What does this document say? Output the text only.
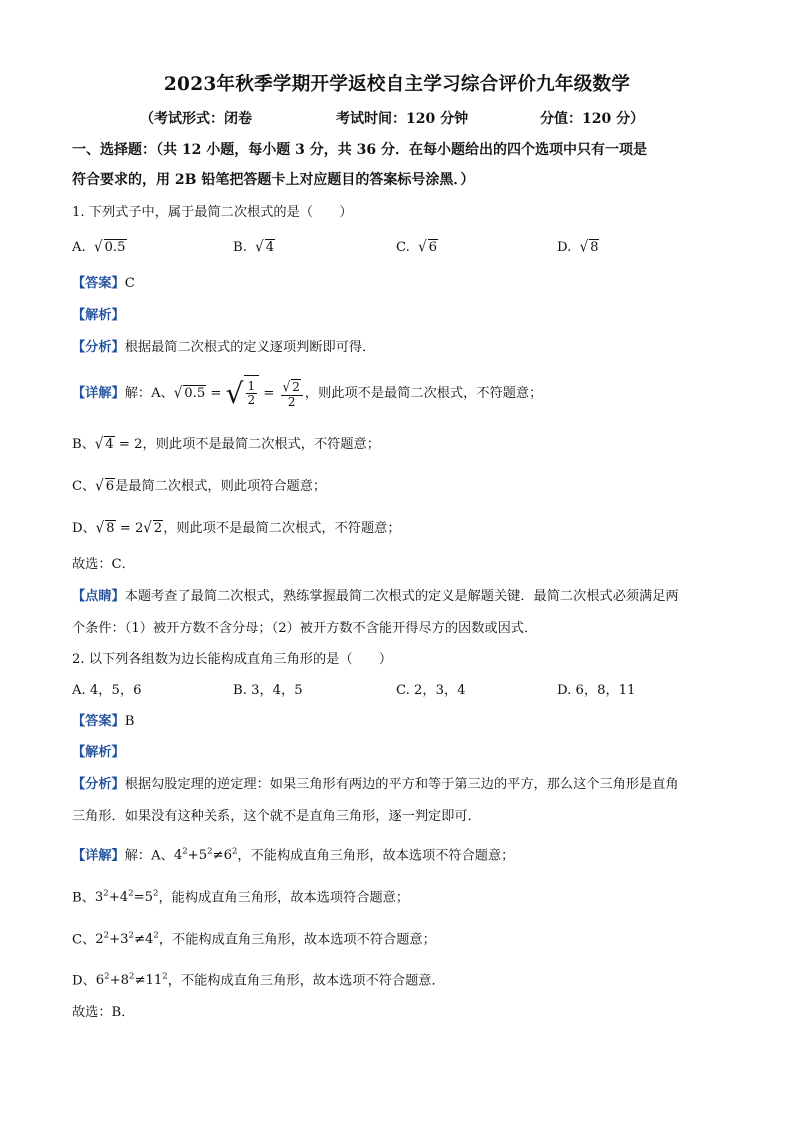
2023年秋季学期开学返校自主学习综合评价九年级数学
（考试形式：闭卷	考试时间：120 分钟	分值：120 分）
一、选择题：（共 12 小题，每小题 3 分，共 36 分．在每小题给出的四个选项中只有一项是
符合要求的，用 2B 铅笔把答题卡上对应题目的答案标号涂黑．）
1. 下列式子中，属于最简二次根式的是（　　）
A. √ 0.5	B. √ 4	C. √ 6	D. √ 8
【答案】C
【解析】
【分析】根据最简二次根式的定义逐项判断即可得．
【详解】解：A、√ 0.5 = √ $\frac{1}{2} = \frac{√ 2}{2}$ ，则此项不是最简二次根式，不符题意；
B、√ 4 = 2，则此项不是最简二次根式，不符题意；
C、√ 6是最简二次根式，则此项符合题意；
D、√ 8 = 2√ 2，则此项不是最简二次根式，不符题意；
故选：C．
【点睛】本题考查了最简二次根式，熟练掌握最简二次根式的定义是解题关键．最简二次根式必须满足两
个条件：（1）被开方数不含分母；（2）被开方数不含能开得尽方的因数或因式．
2. 以下列各组数为边长能构成直角三角形的是（　　）
A. 4，5，6	B. 3，4，5	C. 2，3，4	D. 6，8，11
【答案】B
【解析】
【分析】根据勾股定理的逆定理：如果三角形有两边的平方和等于第三边的平方，那么这个三角形是直角
三角形．如果没有这种关系，这个就不是直角三角形，逐一判定即可．
【详解】解：A、$4^2+5^2\ne 6^2$，不能构成直角三角形，故本选项不符合题意；
B、$3^2+4^2=5^2$，能构成直角三角形，故本选项符合题意；
C、$2^2+3^2\ne 4^2$，不能构成直角三角形，故本选项不符合题意；
D、$6^2+8^2\ne 11^2$，不能构成直角三角形，故本选项不符合题意．
故选：B．
